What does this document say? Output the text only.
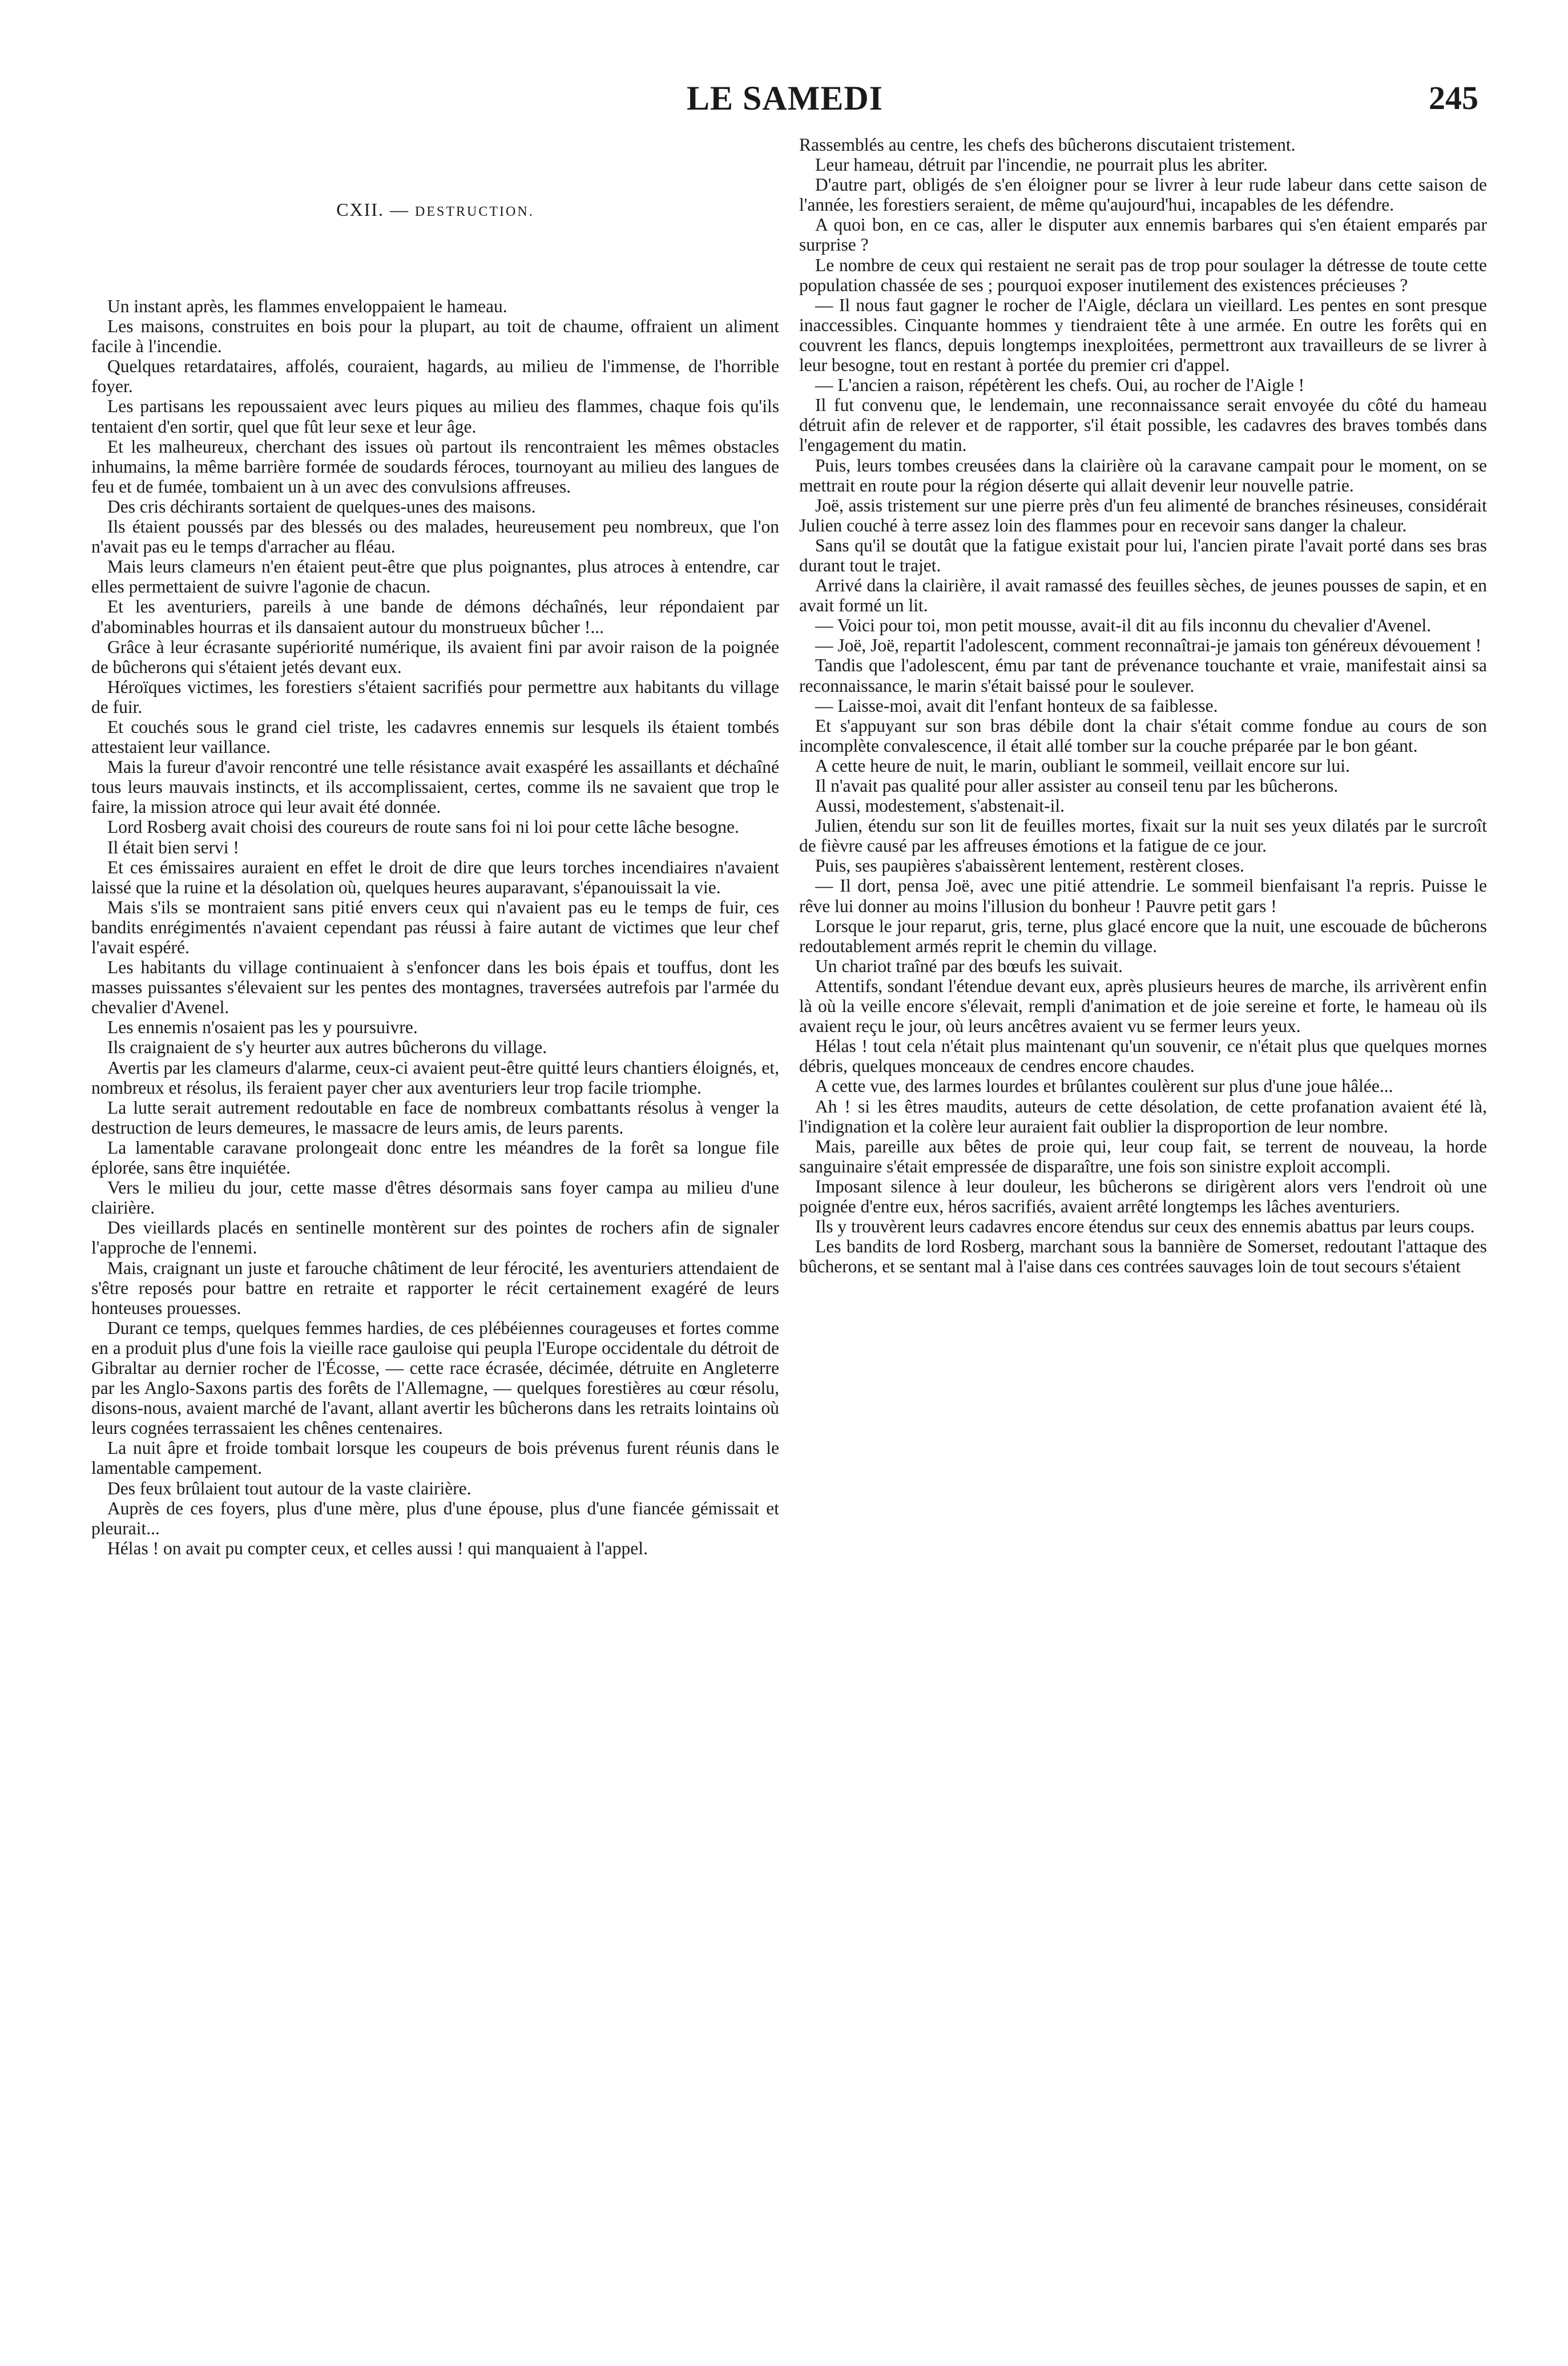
LE SAMEDI	245
CXII. — DESTRUCTION.

Un instant après, les flammes enveloppaient le hameau.

Les maisons, construites en bois pour la plupart, au toit de chaume, offraient un aliment facile à l'incendie.

Quelques retardataires, affolés, couraient, hagards, au milieu de l'immense, de l'horrible foyer.

Les partisans les repoussaient avec leurs piques au milieu des flammes, chaque fois qu'ils tentaient d'en sortir, quel que fût leur sexe et leur âge.

Et les malheureux, cherchant des issues où partout ils rencontraient les mêmes obstacles inhumains, la même barrière formée de soudards féroces, tournoyant au milieu des langues de feu et de fumée, tombaient un à un avec des convulsions affreuses.

Des cris déchirants sortaient de quelques-unes des maisons.

Ils étaient poussés par des blessés ou des malades, heureusement peu nombreux, que l'on n'avait pas eu le temps d'arracher au fléau.

Mais leurs clameurs n'en étaient peut-être que plus poignantes, plus atroces à entendre, car elles permettaient de suivre l'agonie de chacun.

Et les aventuriers, pareils à une bande de démons déchaînés, leur répondaient par d'abominables hourras et ils dansaient autour du monstrueux bûcher !...

Grâce à leur écrasante supériorité numérique, ils avaient fini par avoir raison de la poignée de bûcherons qui s'étaient jetés devant eux.

Héroïques victimes, les forestiers s'étaient sacrifiés pour permettre aux habitants du village de fuir.

Et couchés sous le grand ciel triste, les cadavres ennemis sur lesquels ils étaient tombés attestaient leur vaillance.

Mais la fureur d'avoir rencontré une telle résistance avait exaspéré les assaillants et déchaîné tous leurs mauvais instincts, et ils accomplissaient, certes, comme ils ne savaient que trop le faire, la mission atroce qui leur avait été donnée.

Lord Rosberg avait choisi des coureurs de route sans foi ni loi pour cette lâche besogne.

Il était bien servi !

Et ces émissaires auraient en effet le droit de dire que leurs torches incendiaires n'avaient laissé que la ruine et la désolation où, quelques heures auparavant, s'épanouissait la vie.

Mais s'ils se montraient sans pitié envers ceux qui n'avaient pas eu le temps de fuir, ces bandits enrégimentés n'avaient cependant pas réussi à faire autant de victimes que leur chef l'avait espéré.

Les habitants du village continuaient à s'enfoncer dans les bois épais et touffus, dont les masses puissantes s'élevaient sur les pentes des montagnes, traversées autrefois par l'armée du chevalier d'Avenel.

Les ennemis n'osaient pas les y poursuivre.

Ils craignaient de s'y heurter aux autres bûcherons du village.

Avertis par les clameurs d'alarme, ceux-ci avaient peut-être quitté leurs chantiers éloignés, et, nombreux et résolus, ils feraient payer cher aux aventuriers leur trop facile triomphe.

La lutte serait autrement redoutable en face de nombreux combattants résolus à venger la destruction de leurs demeures, le massacre de leurs amis, de leurs parents.

La lamentable caravane prolongeait donc entre les méandres de la forêt sa longue file éplorée, sans être inquiétée.

Vers le milieu du jour, cette masse d'êtres désormais sans foyer campa au milieu d'une clairière.

Des vieillards placés en sentinelle montèrent sur des pointes de rochers afin de signaler l'approche de l'ennemi.

Mais, craignant un juste et farouche châtiment de leur férocité, les aventuriers attendaient de s'être reposés pour battre en retraite et rapporter le récit certainement exagéré de leurs honteuses prouesses.

Durant ce temps, quelques femmes hardies, de ces plébéiennes courageuses et fortes comme en a produit plus d'une fois la vieille race gauloise qui peupla l'Europe occidentale du détroit de Gibraltar au dernier rocher de l'Écosse, — cette race écrasée, décimée, détruite en Angleterre par les Anglo-Saxons partis des forêts de l'Allemagne, — quelques forestières au cœur résolu, disons-nous, avaient marché de l'avant, allant avertir les bûcherons dans les retraits lointains où leurs cognées terrassaient les chênes centenaires.

La nuit âpre et froide tombait lorsque les coupeurs de bois prévenus furent réunis dans le lamentable campement.

Des feux brûlaient tout autour de la vaste clairière.

Auprès de ces foyers, plus d'une mère, plus d'une épouse, plus d'une fiancée gémissait et pleurait...

Hélas ! on avait pu compter ceux, et celles aussi ! qui manquaient à l'appel.

Rassemblés au centre, les chefs des bûcherons discutaient tristement.

Leur hameau, détruit par l'incendie, ne pourrait plus les abriter.

D'autre part, obligés de s'en éloigner pour se livrer à leur rude labeur dans cette saison de l'année, les forestiers seraient, de même qu'aujourd'hui, incapables de les défendre.

A quoi bon, en ce cas, aller le disputer aux ennemis barbares qui s'en étaient emparés par surprise ?

Le nombre de ceux qui restaient ne serait pas de trop pour soulager la détresse de toute cette population chassée de ses ; pourquoi exposer inutilement des existences précieuses ?

— Il nous faut gagner le rocher de l'Aigle, déclara un vieillard. Les pentes en sont presque inaccessibles. Cinquante hommes y tiendraient tête à une armée. En outre les forêts qui en couvrent les flancs, depuis longtemps inexploitées, permettront aux travailleurs de se livrer à leur besogne, tout en restant à portée du premier cri d'appel.

— L'ancien a raison, répétèrent les chefs. Oui, au rocher de l'Aigle !

Il fut convenu que, le lendemain, une reconnaissance serait envoyée du côté du hameau détruit afin de relever et de rapporter, s'il était possible, les cadavres des braves tombés dans l'engagement du matin.

Puis, leurs tombes creusées dans la clairière où la caravane campait pour le moment, on se mettrait en route pour la région déserte qui allait devenir leur nouvelle patrie.

Joë, assis tristement sur une pierre près d'un feu alimenté de branches résineuses, considérait Julien couché à terre assez loin des flammes pour en recevoir sans danger la chaleur.

Sans qu'il se doutât que la fatigue existait pour lui, l'ancien pirate l'avait porté dans ses bras durant tout le trajet.

Arrivé dans la clairière, il avait ramassé des feuilles sèches, de jeunes pousses de sapin, et en avait formé un lit.

— Voici pour toi, mon petit mousse, avait-il dit au fils inconnu du chevalier d'Avenel.

— Joë, Joë, repartit l'adolescent, comment reconnaîtrai-je jamais ton généreux dévouement !

Tandis que l'adolescent, ému par tant de prévenance touchante et vraie, manifestait ainsi sa reconnaissance, le marin s'était baissé pour le soulever.

— Laisse-moi, avait dit l'enfant honteux de sa faiblesse.

Et s'appuyant sur son bras débile dont la chair s'était comme fondue au cours de son incomplète convalescence, il était allé tomber sur la couche préparée par le bon géant.

A cette heure de nuit, le marin, oubliant le sommeil, veillait encore sur lui.

Il n'avait pas qualité pour aller assister au conseil tenu par les bûcherons.

Aussi, modestement, s'abstenait-il.

Julien, étendu sur son lit de feuilles mortes, fixait sur la nuit ses yeux dilatés par le surcroît de fièvre causé par les affreuses émotions et la fatigue de ce jour.

Puis, ses paupières s'abaissèrent lentement, restèrent closes.

— Il dort, pensa Joë, avec une pitié attendrie. Le sommeil bienfaisant l'a repris. Puisse le rêve lui donner au moins l'illusion du bonheur ! Pauvre petit gars !

Lorsque le jour reparut, gris, terne, plus glacé encore que la nuit, une escouade de bûcherons redoutablement armés reprit le chemin du village.

Un chariot traîné par des bœufs les suivait.

Attentifs, sondant l'étendue devant eux, après plusieurs heures de marche, ils arrivèrent enfin là où la veille encore s'élevait, rempli d'animation et de joie sereine et forte, le hameau où ils avaient reçu le jour, où leurs ancêtres avaient vu se fermer leurs yeux.

Hélas ! tout cela n'était plus maintenant qu'un souvenir, ce n'était plus que quelques mornes débris, quelques monceaux de cendres encore chaudes.

A cette vue, des larmes lourdes et brûlantes coulèrent sur plus d'une joue hâlée...

Ah ! si les êtres maudits, auteurs de cette désolation, de cette profanation avaient été là, l'indignation et la colère leur auraient fait oublier la disproportion de leur nombre.

Mais, pareille aux bêtes de proie qui, leur coup fait, se terrent de nouveau, la horde sanguinaire s'était empressée de disparaître, une fois son sinistre exploit accompli.

Imposant silence à leur douleur, les bûcherons se dirigèrent alors vers l'endroit où une poignée d'entre eux, héros sacrifiés, avaient arrêté longtemps les lâches aventuriers.

Ils y trouvèrent leurs cadavres encore étendus sur ceux des ennemis abattus par leurs coups.

Les bandits de lord Rosberg, marchant sous la bannière de Somerset, redoutant l'attaque des bûcherons, et se sentant mal à l'aise dans ces contrées sauvages loin de tout secours s'étaient
